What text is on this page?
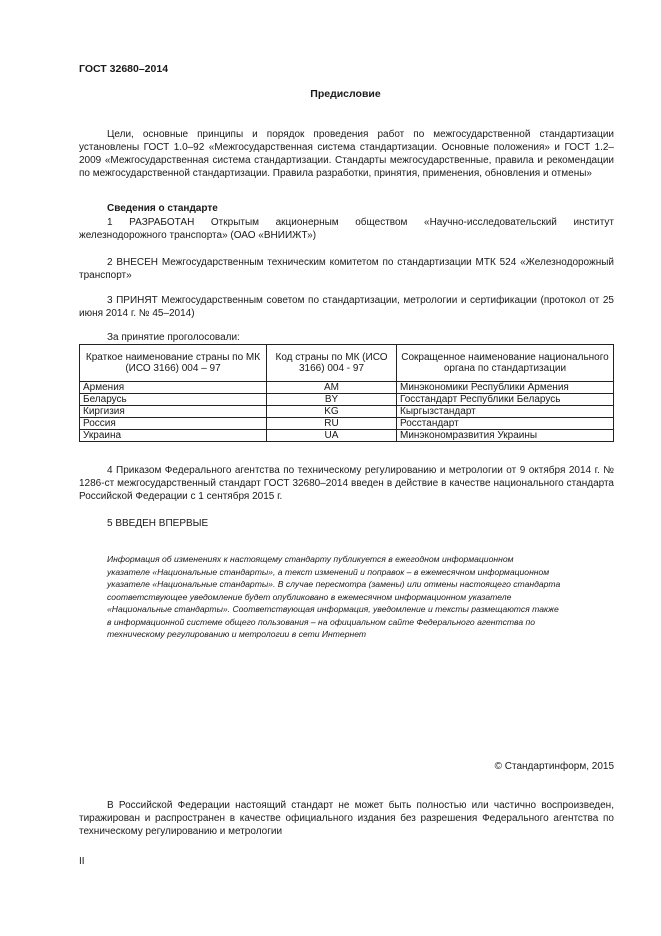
ГОСТ 32680–2014
Предисловие
Цели, основные принципы и порядок проведения работ по межгосударственной стандартизации установлены ГОСТ 1.0–92 «Межгосударственная система стандартизации. Основные положения» и ГОСТ 1.2–2009 «Межгосударственная система стандартизации. Стандарты межгосударственные, правила и рекомендации по межгосударственной стандартизации. Правила разработки, принятия, применения, обновления и отмены»
Сведения о стандарте
1 РАЗРАБОТАН Открытым акционерным обществом «Научно-исследовательский институт железнодорожного транспорта» (ОАО «ВНИИЖТ»)
2 ВНЕСЕН Межгосударственным техническим комитетом по стандартизации МТК 524 «Железнодорожный транспорт»
3 ПРИНЯТ Межгосударственным советом по стандартизации, метрологии и сертификации (протокол от 25 июня 2014 г. № 45–2014)
За принятие проголосовали:
Краткое наименование страны по МК (ИСО 3166) 004 – 97	Код страны по МК (ИСО 3166) 004 - 97	Сокращенное наименование национального органа по стандартизации
Армения	AM	Минэкономики Республики Армения
Беларусь	BY	Госстандарт Республики Беларусь
Киргизия	KG	Кыргызстандарт
Россия	RU	Росстандарт
Украина	UA	Минэкономразвития Украины
4 Приказом Федерального агентства по техническому регулированию и метрологии от 9 октября 2014 г. № 1286-ст межгосударственный стандарт ГОСТ 32680–2014 введен в действие в качестве национального стандарта Российской Федерации с 1 сентября 2015 г.
5 ВВЕДЕН ВПЕРВЫЕ
Информация об изменениях к настоящему стандарту публикуется в ежегодном информационном
указателе «Национальные стандарты», а текст изменений и поправок – в ежемесячном информационном
указателе «Национальные стандарты». В случае пересмотра (замены) или отмены настоящего стандарта
соответствующее уведомление будет опубликовано в ежемесячном информационном указателе
«Национальные стандарты». Соответствующая информация, уведомление и тексты размещаются также
в информационной системе общего пользования – на официальном сайте Федерального агентства по
техническому регулированию и метрологии в сети Интернет
© Стандартинформ, 2015
В Российской Федерации настоящий стандарт не может быть полностью или частично воспроизведен, тиражирован и распространен в качестве официального издания без разрешения Федерального агентства по техническому регулированию и метрологии
II
